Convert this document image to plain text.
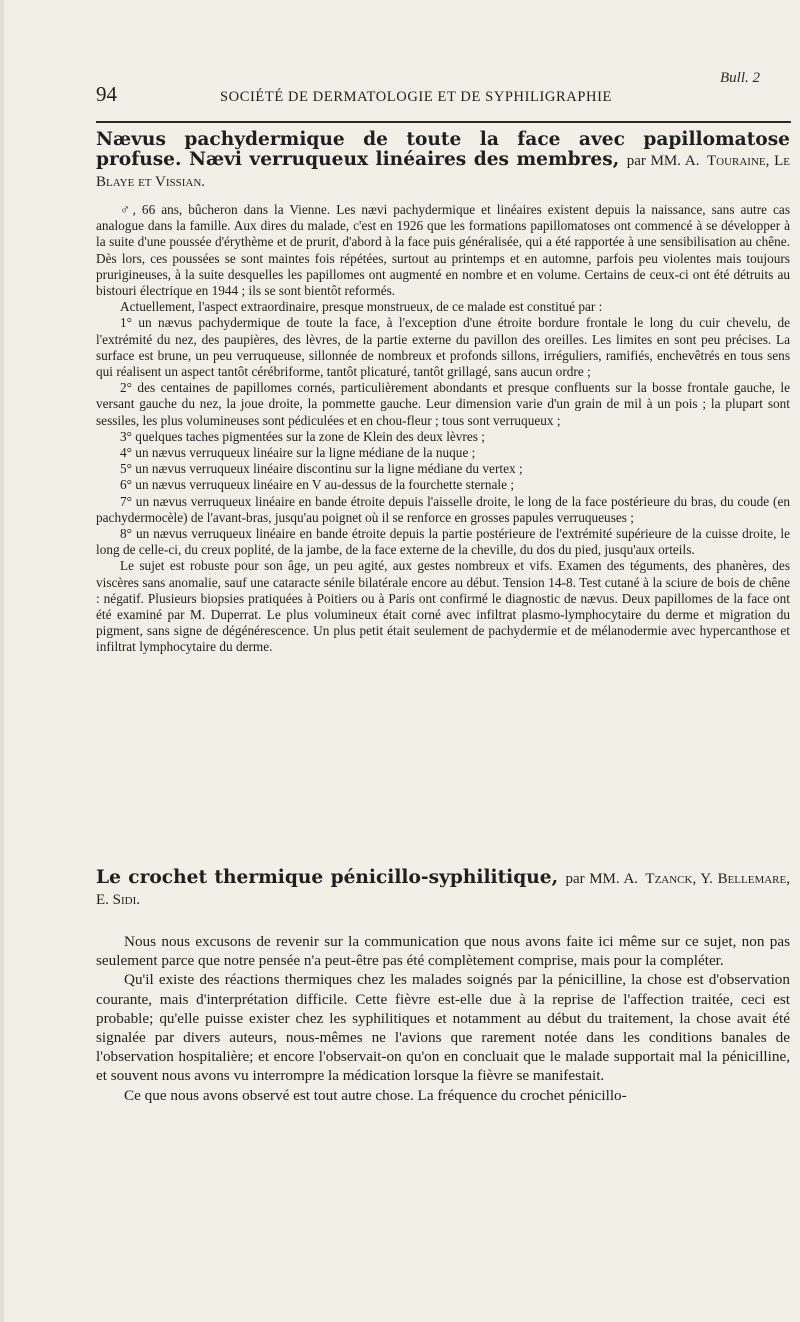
Bull. 2
94	SOCIÉTÉ DE DERMATOLOGIE ET DE SYPHILIGRAPHIE
Nævus pachydermique de toute la face avec papillomatose profuse. Nævi verruqueux linéaires des membres, par MM. A. Touraine, Le Blaye et Vissian.

♂, 66 ans, bûcheron dans la Vienne. Les nævi pachydermique et linéaires existent depuis la naissance, sans autre cas analogue dans la famille. Aux dires du malade, c'est en 1926 que les formations papillomatoses ont commencé à se développer à la suite d'une poussée d'érythème et de prurit, d'abord à la face puis généralisée, qui a été rapportée à une sensibilisation au chêne. Dès lors, ces poussées se sont maintes fois répétées, surtout au printemps et en automne, parfois peu violentes mais toujours prurigineuses, à la suite desquelles les papillomes ont augmenté en nombre et en volume. Certains de ceux-ci ont été détruits au bistouri électrique en 1944 ; ils se sont bientôt reformés.

Actuellement, l'aspect extraordinaire, presque monstrueux, de ce malade est constitué par :

1° un nævus pachydermique de toute la face, à l'exception d'une étroite bordure frontale le long du cuir chevelu, de l'extrémité du nez, des paupières, des lèvres, de la partie externe du pavillon des oreilles. Les limites en sont peu précises. La surface est brune, un peu verruqueuse, sillonnée de nombreux et profonds sillons, irréguliers, ramifiés, enchevêtrés en tous sens qui réalisent un aspect tantôt cérébriforme, tantôt plicaturé, tantôt grillagé, sans aucun ordre ;

2° des centaines de papillomes cornés, particulièrement abondants et presque confluents sur la bosse frontale gauche, le versant gauche du nez, la joue droite, la pommette gauche. Leur dimension varie d'un grain de mil à un pois ; la plupart sont sessiles, les plus volumineuses sont pédiculées et en chou-fleur ; tous sont verruqueux ;

3° quelques taches pigmentées sur la zone de Klein des deux lèvres ;

4° un nævus verruqueux linéaire sur la ligne médiane de la nuque ;

5° un nævus verruqueux linéaire discontinu sur la ligne médiane du vertex ;

6° un nævus verruqueux linéaire en V au-dessus de la fourchette sternale ;

7° un nævus verruqueux linéaire en bande étroite depuis l'aisselle droite, le long de la face postérieure du bras, du coude (en pachydermocèle) de l'avant-bras, jusqu'au poignet où il se renforce en grosses papules verruqueuses ;

8° un nævus verruqueux linéaire en bande étroite depuis la partie postérieure de l'extrémité supérieure de la cuisse droite, le long de celle-ci, du creux poplité, de la jambe, de la face externe de la cheville, du dos du pied, jusqu'aux orteils.

Le sujet est robuste pour son âge, un peu agité, aux gestes nombreux et vifs. Examen des téguments, des phanères, des viscères sans anomalie, sauf une cataracte sénile bilatérale encore au début. Tension 14-8. Test cutané à la sciure de bois de chêne : négatif. Plusieurs biopsies pratiquées à Poitiers ou à Paris ont confirmé le diagnostic de nævus. Deux papillomes de la face ont été examiné par M. Duperrat. Le plus volumineux était corné avec infiltrat plasmo-lymphocytaire du derme et migration du pigment, sans signe de dégénérescence. Un plus petit était seulement de pachydermie et de mélanodermie avec hypercanthose et infiltrat lymphocytaire du derme.

Le crochet thermique pénicillo-syphilitique, par MM. A. Tzanck, Y. Bellemare, E. Sidi.

Nous nous excusons de revenir sur la communication que nous avons faite ici même sur ce sujet, non pas seulement parce que notre pensée n'a peut-être pas été complètement comprise, mais pour la compléter.

Qu'il existe des réactions thermiques chez les malades soignés par la pénicilline, la chose est d'observation courante, mais d'interprétation difficile. Cette fièvre est-elle due à la reprise de l'affection traitée, ceci est probable; qu'elle puisse exister chez les syphilitiques et notamment au début du traitement, la chose avait été signalée par divers auteurs, nous-mêmes ne l'avions que rarement notée dans les conditions banales de l'observation hospitalière; et encore l'observait-on qu'on en concluait que le malade supportait mal la pénicilline, et souvent nous avons vu interrompre la médication lorsque la fièvre se manifestait.

Ce que nous avons observé est tout autre chose. La fréquence du crochet pénicillo-
